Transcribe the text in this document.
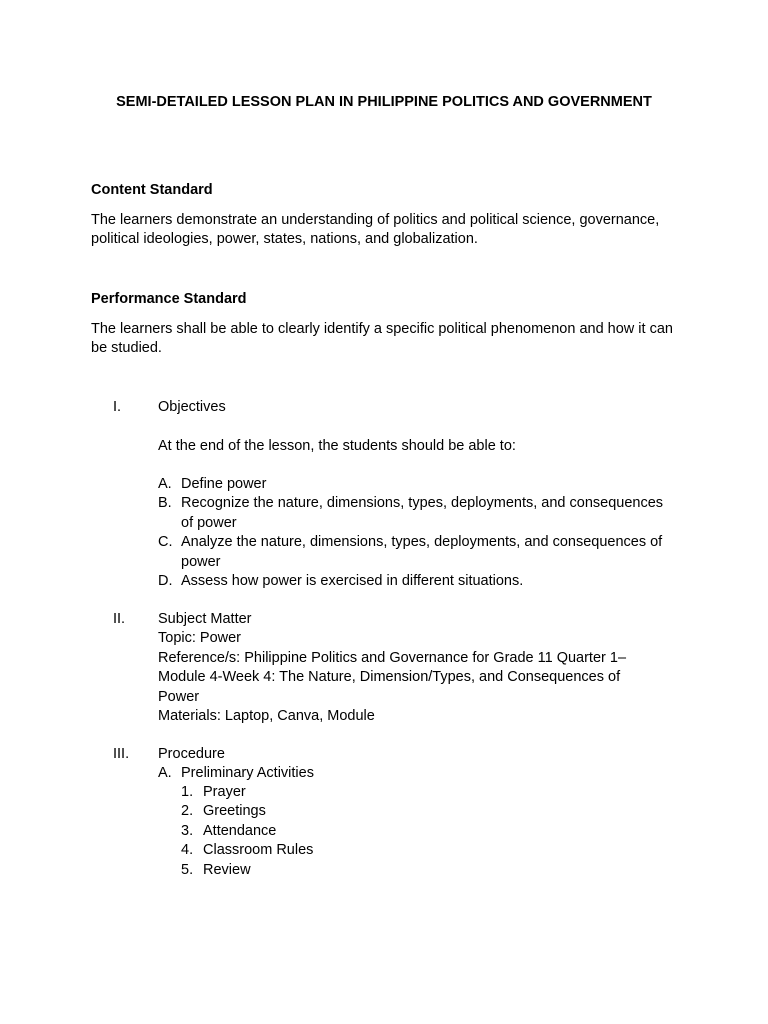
SEMI-DETAILED LESSON PLAN IN PHILIPPINE POLITICS AND GOVERNMENT
Content Standard
The learners demonstrate an understanding of politics and political science, governance, political ideologies, power, states, nations, and globalization.
Performance Standard
The learners shall be able to clearly identify a specific political phenomenon and how it can be studied.
I.	Objectives
At the end of the lesson, the students should be able to:
A. Define power
B. Recognize the nature, dimensions, types, deployments, and consequences of power
C. Analyze the nature, dimensions, types, deployments, and consequences of power
D. Assess how power is exercised in different situations.
II. Subject Matter
Topic: Power
Reference/s: Philippine Politics and Governance for Grade 11 Quarter 1–Module 4-Week 4: The Nature, Dimension/Types, and Consequences of Power
Materials: Laptop, Canva, Module
III. Procedure
A. Preliminary Activities
1. Prayer
2. Greetings
3. Attendance
4. Classroom Rules
5. Review
